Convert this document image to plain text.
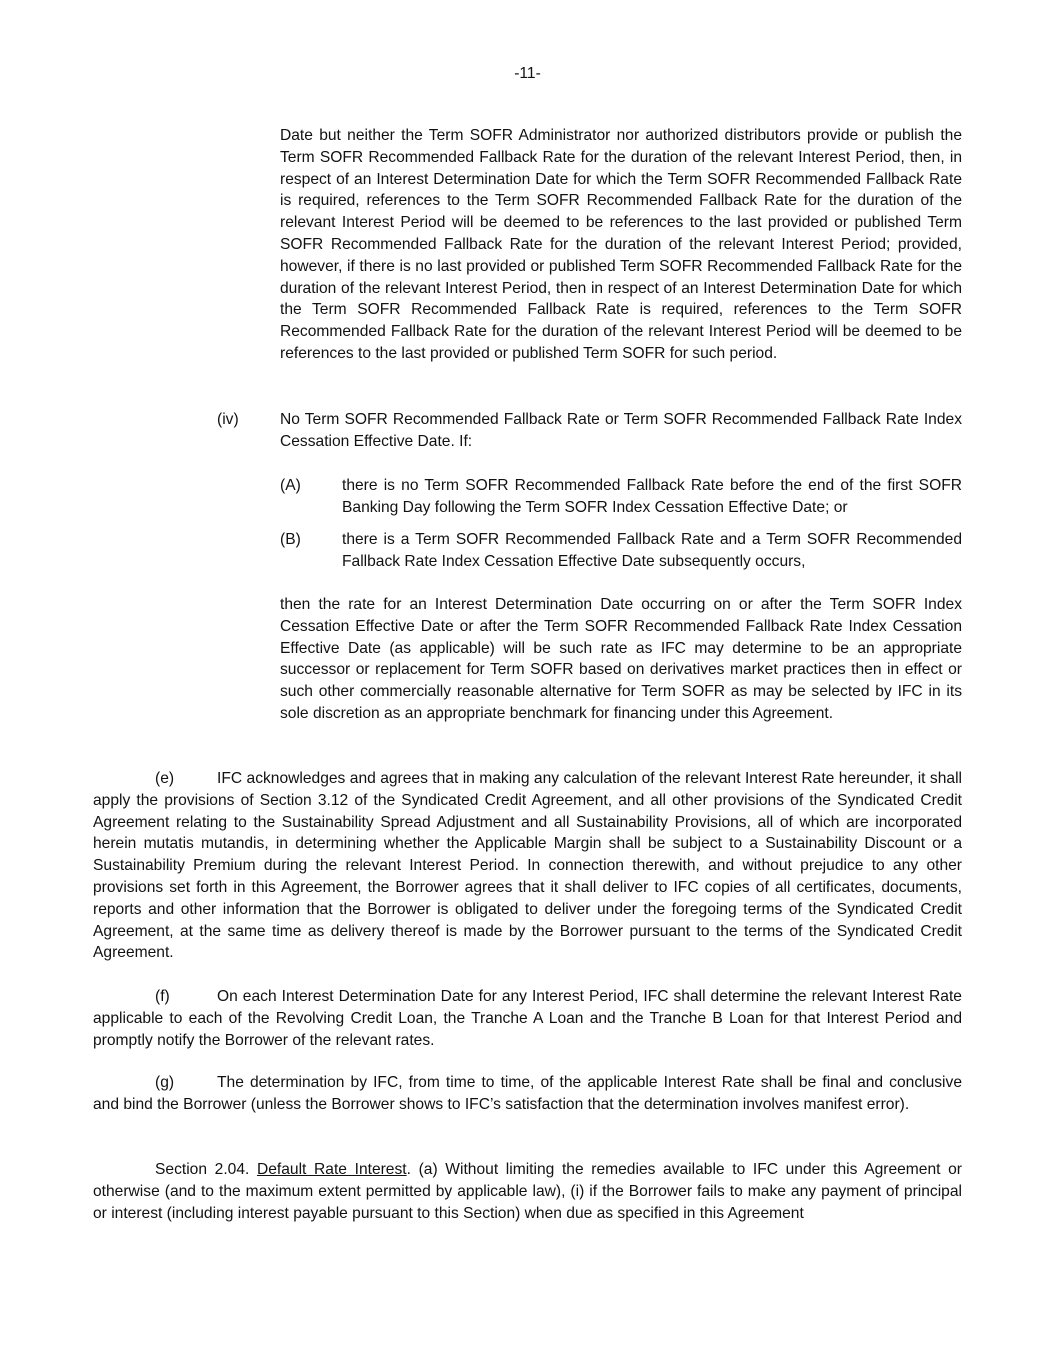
-11-

Date but neither the Term SOFR Administrator nor authorized distributors provide or publish the Term SOFR Recommended Fallback Rate for the duration of the relevant Interest Period, then, in respect of an Interest Determination Date for which the Term SOFR Recommended Fallback Rate is required, references to the Term SOFR Recommended Fallback Rate for the duration of the relevant Interest Period will be deemed to be references to the last provided or published Term SOFR Recommended Fallback Rate for the duration of the relevant Interest Period; provided, however, if there is no last provided or published Term SOFR Recommended Fallback Rate for the duration of the relevant Interest Period, then in respect of an Interest Determination Date for which the Term SOFR Recommended Fallback Rate is required, references to the Term SOFR Recommended Fallback Rate for the duration of the relevant Interest Period will be deemed to be references to the last provided or published Term SOFR for such period.

(iv)	No Term SOFR Recommended Fallback Rate or Term SOFR Recommended Fallback Rate Index Cessation Effective Date. If:

(A)	there is no Term SOFR Recommended Fallback Rate before the end of the first SOFR Banking Day following the Term SOFR Index Cessation Effective Date; or

(B)	there is a Term SOFR Recommended Fallback Rate and a Term SOFR Recommended Fallback Rate Index Cessation Effective Date subsequently occurs,

then the rate for an Interest Determination Date occurring on or after the Term SOFR Index Cessation Effective Date or after the Term SOFR Recommended Fallback Rate Index Cessation Effective Date (as applicable) will be such rate as IFC may determine to be an appropriate successor or replacement for Term SOFR based on derivatives market practices then in effect or such other commercially reasonable alternative for Term SOFR as may be selected by IFC in its sole discretion as an appropriate benchmark for financing under this Agreement.

(e)	IFC acknowledges and agrees that in making any calculation of the relevant Interest Rate hereunder, it shall apply the provisions of Section 3.12 of the Syndicated Credit Agreement, and all other provisions of the Syndicated Credit Agreement relating to the Sustainability Spread Adjustment and all Sustainability Provisions, all of which are incorporated herein mutatis mutandis, in determining whether the Applicable Margin shall be subject to a Sustainability Discount or a Sustainability Premium during the relevant Interest Period. In connection therewith, and without prejudice to any other provisions set forth in this Agreement, the Borrower agrees that it shall deliver to IFC copies of all certificates, documents, reports and other information that the Borrower is obligated to deliver under the foregoing terms of the Syndicated Credit Agreement, at the same time as delivery thereof is made by the Borrower pursuant to the terms of the Syndicated Credit Agreement.

(f)	On each Interest Determination Date for any Interest Period, IFC shall determine the relevant Interest Rate applicable to each of the Revolving Credit Loan, the Tranche A Loan and the Tranche B Loan for that Interest Period and promptly notify the Borrower of the relevant rates.

(g)	The determination by IFC, from time to time, of the applicable Interest Rate shall be final and conclusive and bind the Borrower (unless the Borrower shows to IFC’s satisfaction that the determination involves manifest error).

Section 2.04. Default Rate Interest. (a) Without limiting the remedies available to IFC under this Agreement or otherwise (and to the maximum extent permitted by applicable law), (i) if the Borrower fails to make any payment of principal or interest (including interest payable pursuant to this Section) when due as specified in this Agreement
